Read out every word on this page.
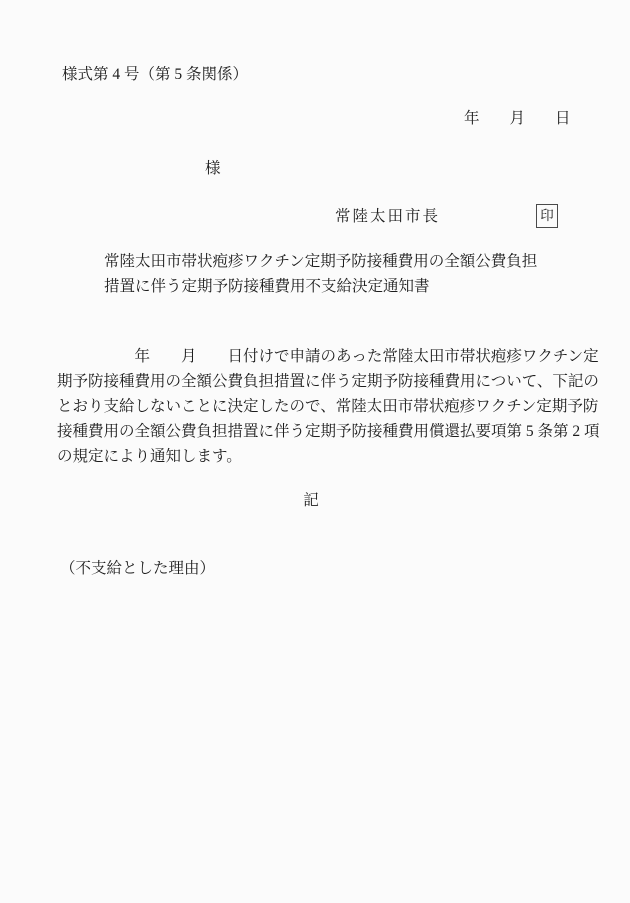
様式第 4 号（第 5 条関係）
年 月 日
様
常陸太田市長	印
常陸太田市帯状疱疹ワクチン定期予防接種費用の全額公費負担
措置に伴う定期予防接種費用不支給決定通知書
　　　　　年　　月　　日付けで申請のあった常陸太田市帯状疱疹ワクチン定
期予防接種費用の全額公費負担措置に伴う定期予防接種費用について、下記の
とおり支給しないことに決定したので、常陸太田市帯状疱疹ワクチン定期予防
接種費用の全額公費負担措置に伴う定期予防接種費用償還払要項第 5 条第 2 項
の規定により通知します。
記
（不支給とした理由）
